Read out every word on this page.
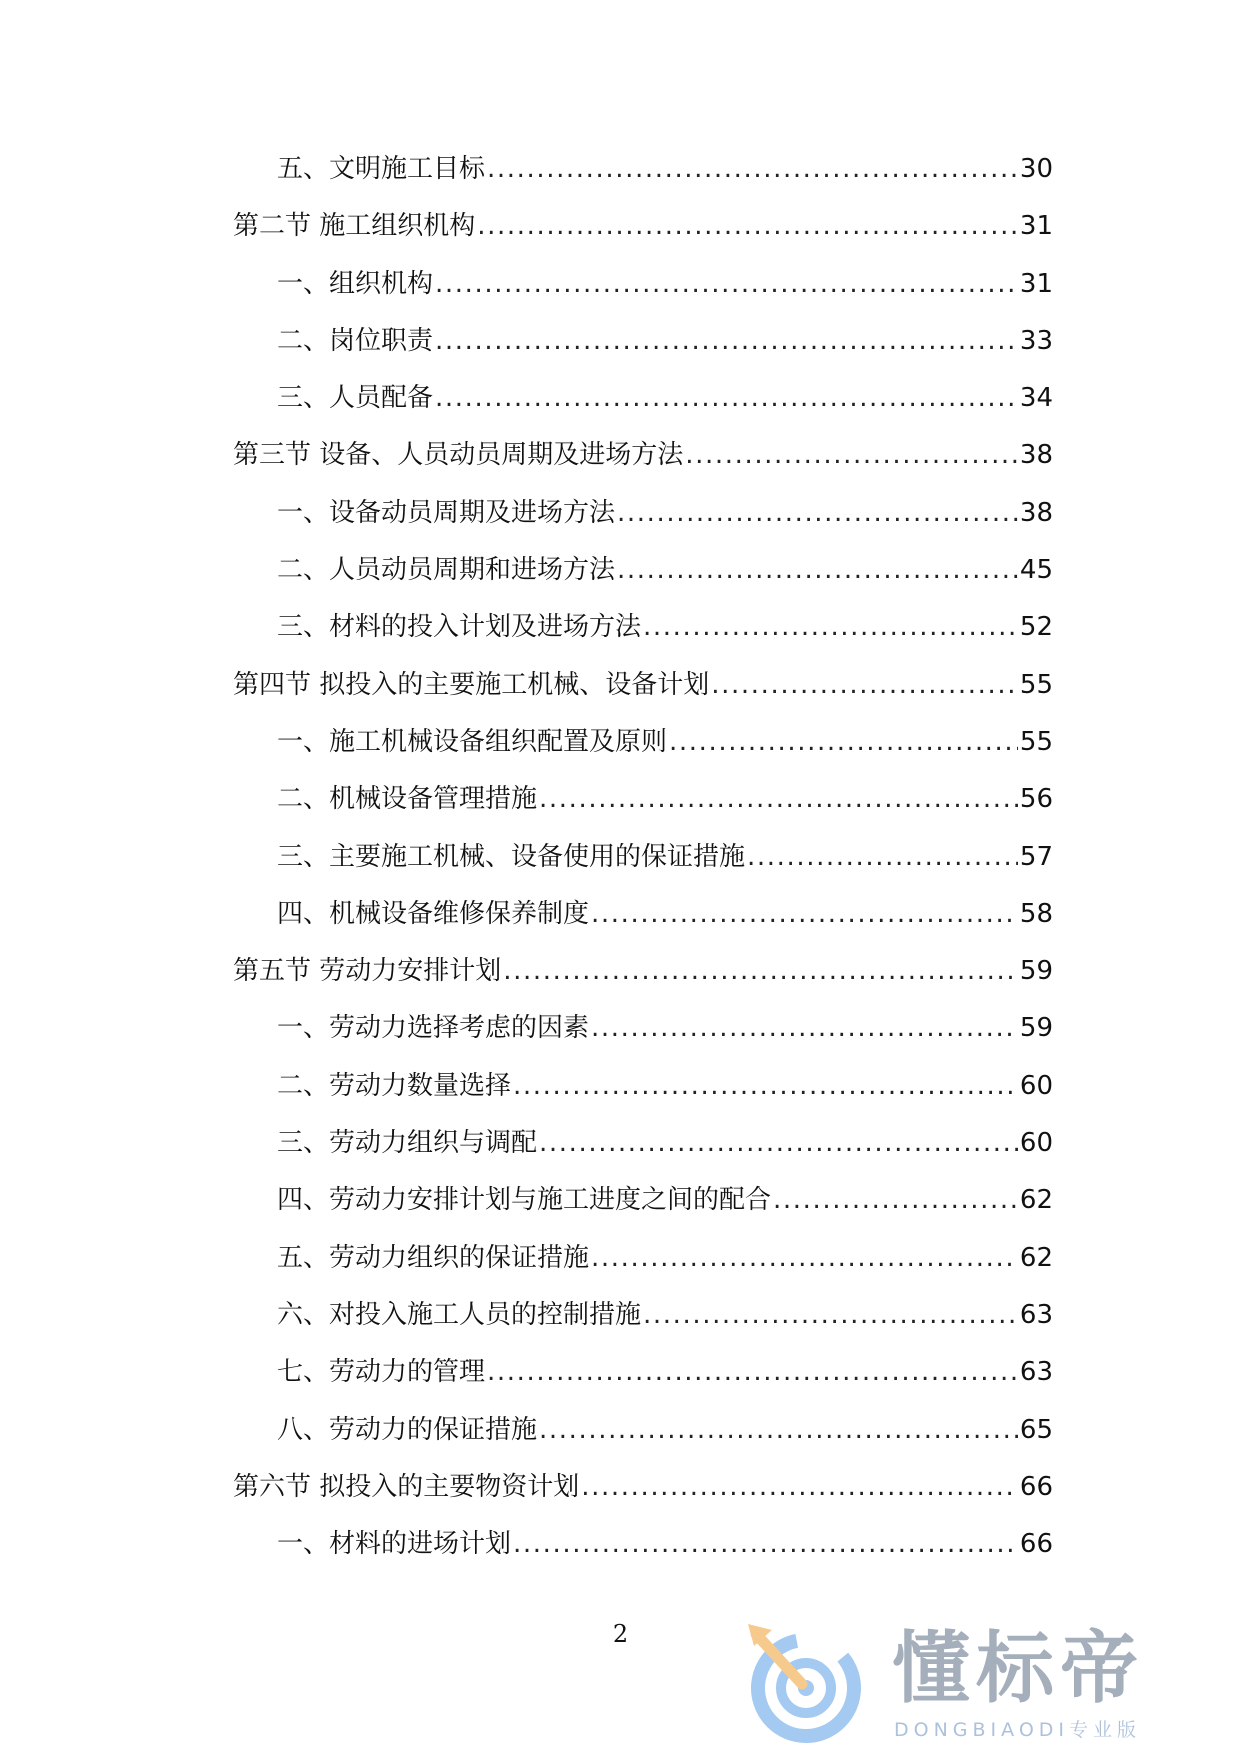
五、文明施工目标 .....	30
第二节 施工组织机构 .....	31
一、组织机构 .....	31
二、岗位职责 .....	33
三、人员配备 .....	34
第三节 设备、人员动员周期及进场方法 .....	38
一、设备动员周期及进场方法 .....	38
二、人员动员周期和进场方法 .....	45
三、材料的投入计划及进场方法 .....	52
第四节 拟投入的主要施工机械、设备计划 .....	55
一、施工机械设备组织配置及原则 .....	55
二、机械设备管理措施 .....	56
三、主要施工机械、设备使用的保证措施 .....	57
四、机械设备维修保养制度 .....	58
第五节 劳动力安排计划 .....	59
一、劳动力选择考虑的因素 .....	59
二、劳动力数量选择 .....	60
三、劳动力组织与调配 .....	60
四、劳动力安排计划与施工进度之间的配合 .....	62
五、劳动力组织的保证措施 .....	62
六、对投入施工人员的控制措施 .....	63
七、劳动力的管理 .....	63
八、劳动力的保证措施 .....	65
第六节 拟投入的主要物资计划 .....	66
一、材料的进场计划 .....	66
2	懂标帝
DONGBIAODI专业版
